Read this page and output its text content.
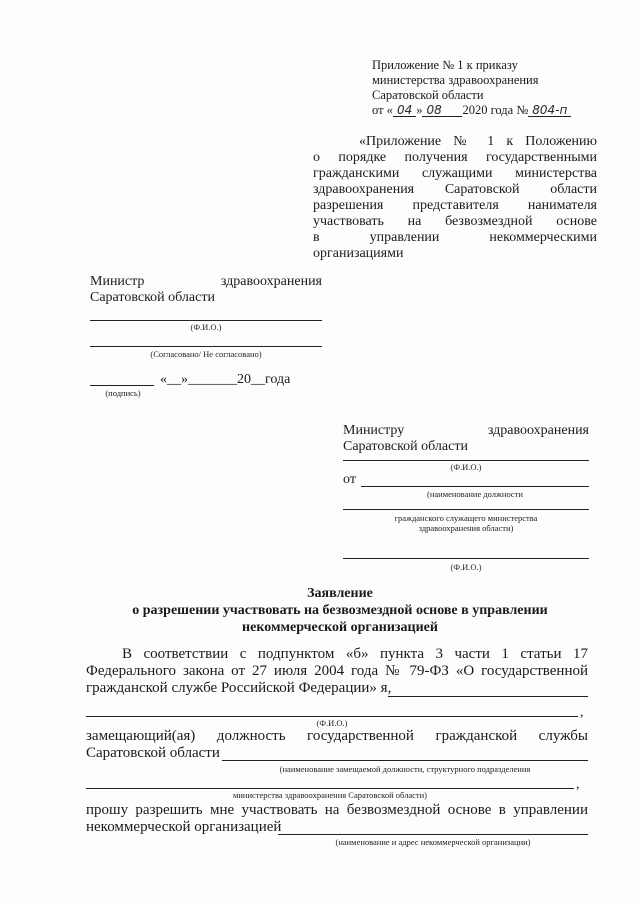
Приложение № 1 к приказу
министерства здравоохранения
Саратовской области
от « 04 » 08 2020 года № 804-п
«Приложение № 1 к Положению
о порядке получения государственными
гражданскими служащими министерства
здравоохранения Саратовской области
разрешения представителя нанимателя
участвовать на безвозмездной основе
в управлении некоммерческими
организациями
Министр	здравоохранения
Саратовской области
(Ф.И.О.)
(Согласовано/ Не согласовано)
«__»_______20__года
(подпись)
Министру	здравоохранения
Саратовской области
(Ф.И.О.)
от
(наименование должности
гражданского служащего министерства
здравоохранения области)
(Ф.И.О.)
Заявление
о разрешении участвовать на безвозмездной основе в управлении
некоммерческой организацией
В соответствии с подпунктом «б» пункта 3 части 1 статьи 17
Федерального закона от 27 июля 2004 года № 79-ФЗ «О государственной
гражданской службе Российской Федерации» я,
,
(Ф.И.О.)
замещающий(ая) должность государственной гражданской службы
Саратовской области
(наименование замещаемой должности, структурного подразделения
,
министерства здравоохранения Саратовской области)
прошу разрешить мне участвовать на безвозмездной основе в управлении
некоммерческой организацией
(наименование и адрес некоммерческой организации)
